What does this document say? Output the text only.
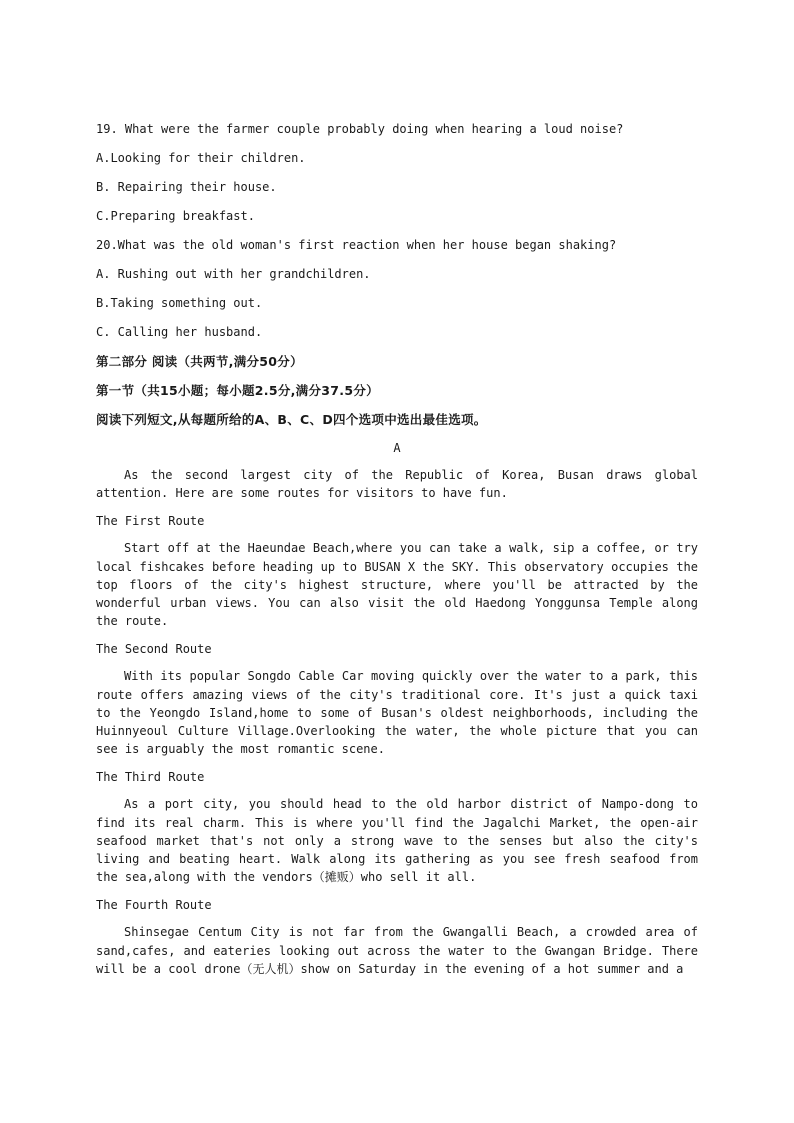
19. What were the farmer couple probably doing when hearing a loud noise?

A.Looking for their children.

B. Repairing their house.

C.Preparing breakfast.

20.What was the old woman's first reaction when her house began shaking?

A. Rushing out with her grandchildren.

B.Taking something out.

C. Calling her husband.

第二部分 阅读（共两节,满分50分）

第一节（共15小题；每小题2.5分,满分37.5分）

阅读下列短文,从每题所给的A、B、C、D四个选项中选出最佳选项。

A

As the second largest city of the Republic of Korea, Busan draws global attention. Here are some routes for visitors to have fun.

The First Route

Start off at the Haeundae Beach,where you can take a walk, sip a coffee, or try local fishcakes before heading up to BUSAN X the SKY. This observatory occupies the top floors of the city's highest structure, where you'll be attracted by the wonderful urban views. You can also visit the old Haedong Yonggunsa Temple along the route.

The Second Route

With its popular Songdo Cable Car moving quickly over the water to a park, this route offers amazing views of the city's traditional core. It's just a quick taxi to the Yeongdo Island,home to some of Busan's oldest neighborhoods, including the Huinnyeoul Culture Village.Overlooking the water, the whole picture that you can see is arguably the most romantic scene.

The Third Route

As a port city, you should head to the old harbor district of Nampo-dong to find its real charm. This is where you'll find the Jagalchi Market, the open-air seafood market that's not only a strong wave to the senses but also the city's living and beating heart. Walk along its gathering as you see fresh seafood from the sea,along with the vendors（摊贩）who sell it all.

The Fourth Route

Shinsegae Centum City is not far from the Gwangalli Beach, a crowded area of sand,cafes, and eateries looking out across the water to the Gwangan Bridge. There will be a cool drone（无人机）show on Saturday in the evening of a hot summer and a
